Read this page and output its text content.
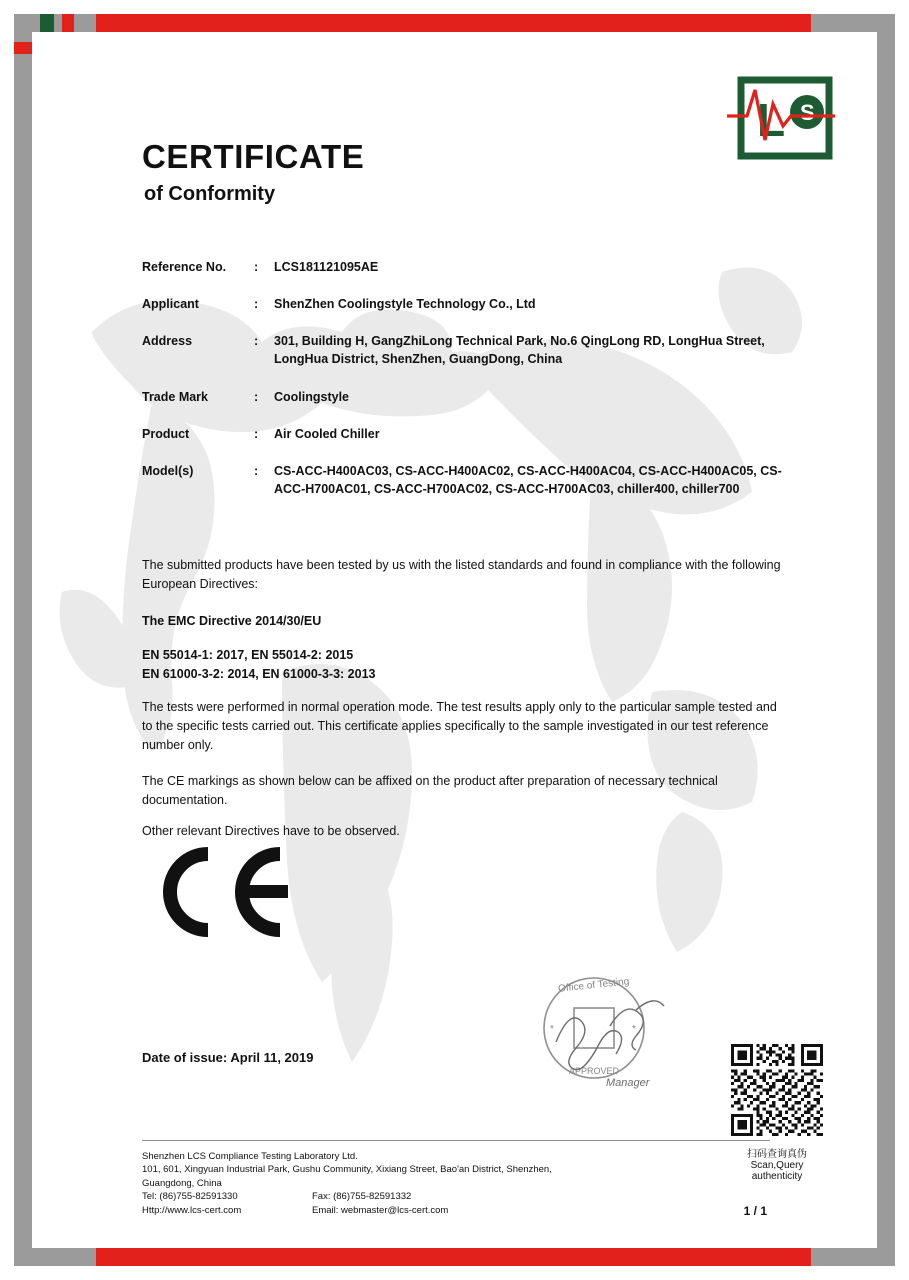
L S
CERTIFICATE
of Conformity
Reference No.	:	LCS181121095AE
Applicant	:	ShenZhen Coolingstyle Technology Co., Ltd
Address	:	301, Building H, GangZhiLong Technical Park, No.6 QingLong RD, LongHua Street, LongHua District, ShenZhen, GuangDong, China
Trade Mark	:	Coolingstyle
Product	:	Air Cooled Chiller
Model(s)	:	CS-ACC-H400AC03, CS-ACC-H400AC02, CS-ACC-H400AC04, CS-ACC-H400AC05, CS-ACC-H700AC01, CS-ACC-H700AC02, CS-ACC-H700AC03, chiller400, chiller700
The submitted products have been tested by us with the listed standards and found in compliance with the following European Directives:
The EMC Directive 2014/30/EU
EN 55014-1: 2017, EN 55014-2: 2015
EN 61000-3-2: 2014, EN 61000-3-3: 2013
The tests were performed in normal operation mode. The test results apply only to the particular sample tested and to the specific tests carried out. This certificate applies specifically to the sample investigated in our test reference number only.
The CE markings as shown below can be affixed on the product after preparation of necessary technical documentation.
Other relevant Directives have to be observed.
Date of issue: April 11, 2019
Office of Testing
APPROVED
*	*
Manager
扫码查询真伪
Scan,Query authenticity
Shenzhen LCS Compliance Testing Laboratory Ltd.
101, 601, Xingyuan Industrial Park, Gushu Community, Xixiang Street, Bao'an District, Shenzhen,
Guangdong, China
Tel: (86)755-82591330	Fax: (86)755-82591332
Http://www.lcs-cert.com	Email: webmaster@lcs-cert.com	1 / 1
